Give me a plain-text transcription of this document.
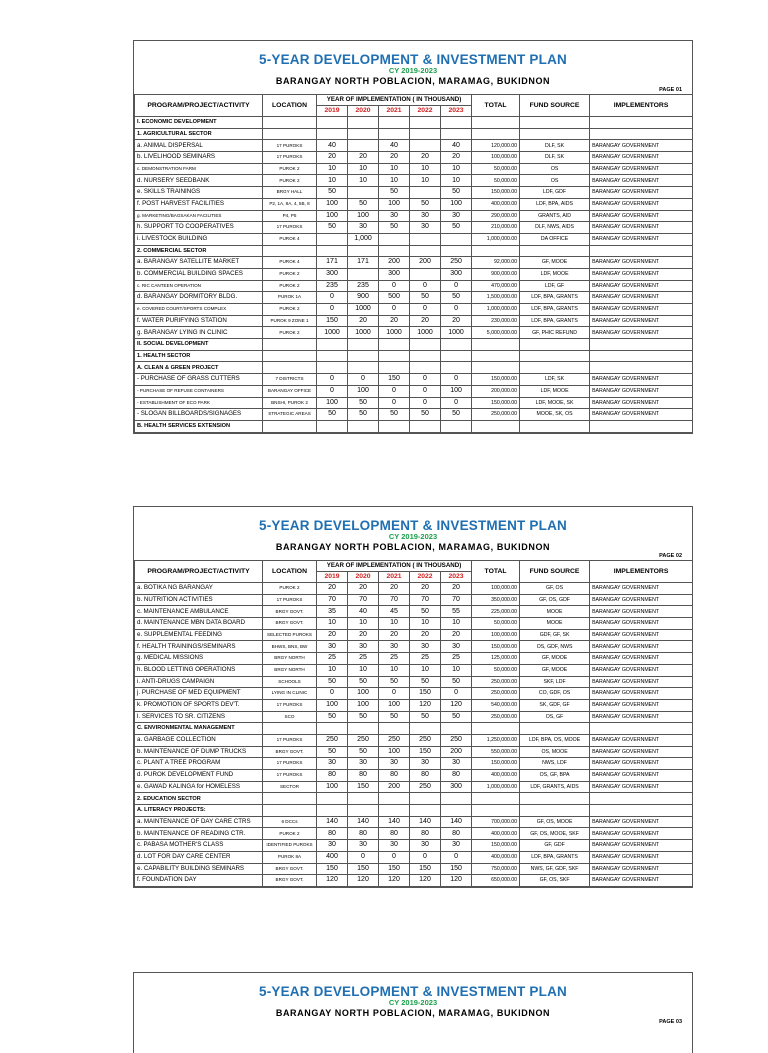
5-YEAR DEVELOPMENT & INVESTMENT PLAN
CY 2019-2023
BARANGAY NORTH POBLACION, MARAMAG, BUKIDNON
PAGE 01
PROGRAM/PROJECT/ACTIVITY	LOCATION	YEAR OF IMPLEMENTATION ( IN THOUSAND)					TOTAL	FUND SOURCE	IMPLEMENTORS
		2019	2020	2021	2022	2023			
I. ECONOMIC DEVELOPMENT									
1. AGRICULTURAL SECTOR									
a. ANIMAL DISPERSAL	17 PUROKS	40		40		40	120,000.00	DLF, SK	BARANGAY GOVERNMENT
b. LIVELIHOOD SEMINARS	17 PUROKS	20	20	20	20	20	100,000.00	DLF, SK	BARANGAY GOVERNMENT
c. DEMONSTRATION FARM	PUROK 2	10	10	10	10	10	50,000.00	OS	BARANGAY GOVERNMENT
d. NURSERY SEEDBANK	PUROK 2	10	10	10	10	10	50,000.00	OS	BARANGAY GOVERNMENT
e. SKILLS TRAININGS	BRGY HALL	50		50		50	150,000.00	LDF, GDF	BARANGAY GOVERNMENT
f. POST HARVEST FACILITIES	P2, 1A, 8A, 4, 5B, 8	100	50	100	50	100	400,000.00	LDF, BPA, AIDS	BARANGAY GOVERNMENT
g. MARKETING/BAGSAKAN FACILITIES	P4, P5	100	100	30	30	30	290,000.00	GRANTS, AID	BARANGAY GOVERNMENT
h. SUPPORT TO COOPERATIVES	17 PUROKS	50	30	50	30	50	210,000.00	DLF, NWS, AIDS	BARANGAY GOVERNMENT
i. LIVESTOCK BUILDING	PUROK 4		1,000				1,000,000.00	DA OFFICE	BARANGAY GOVERNMENT
2. COMMERCIAL SECTOR									
a. BARANGAY SATELLITE MARKET	PUROK 4	171	171	200	200	250	92,000.00	GF, MOOE	BARANGAY GOVERNMENT
b. COMMERCIAL BUILDING SPACES	PUROK 2	300		300		300	900,000.00	LDF, MOOE	BARANGAY GOVERNMENT
c. RIC CANTEEN OPERATION	PUROK 2	235	235	0	0	0	470,000.00	LDF, GF	BARANGAY GOVERNMENT
d. BARANGAY DORMITORY BLDG.	PUROK 1A	0	900	500	50	50	1,500,000.00	LDF, BPA, GRANTS	BARANGAY GOVERNMENT
e. COVERED COURT/SPORTS COMPLEX	PUROK 2	0	1000	0	0	0	1,000,000.00	LDF, BPA, GRANTS	BARANGAY GOVERNMENT
f. WATER PURIFYING STATION	PUROK 9 ZONE 1	150	20	20	20	20	230,000.00	LDF, BPA, GRANTS	BARANGAY GOVERNMENT
g. BARANGAY LYING IN CLINIC	PUROK 2	1000	1000	1000	1000	1000	5,000,000.00	GF, PHIC REFUND	BARANGAY GOVERNMENT
II. SOCIAL DEVELOPMENT									
1. HEALTH SECTOR									
A. CLEAN & GREEN PROJECT									
- PURCHASE OF GRASS CUTTERS	7 DISTRICTS	0	0	150	0	0	150,000.00	LDF, SK	BARANGAY GOVERNMENT
- PURCHASE OF REFUSE CONTAINERS	BARANGAY OFFICE	0	100	0	0	100	200,000.00	LDF, MOOE	BARANGAY GOVERNMENT
- ESTABLISHMENT OF ECO PARK	BNSHI, PUROK 2	100	50	0	0	0	150,000.00	LDF, MOOE, SK	BARANGAY GOVERNMENT
- SLOGAN BILLBOARDS/SIGNAGES	STRATEGIC AREAS	50	50	50	50	50	250,000.00	MOOE, SK, OS	BARANGAY GOVERNMENT
B. HEALTH SERVICES EXTENSION									
5-YEAR DEVELOPMENT & INVESTMENT PLAN
CY 2019-2023
BARANGAY NORTH POBLACION, MARAMAG, BUKIDNON
PAGE 02
PROGRAM/PROJECT/ACTIVITY	LOCATION	YEAR OF IMPLEMENTATION ( IN THOUSAND)					TOTAL	FUND SOURCE	IMPLEMENTORS
		2019	2020	2021	2022	2023			
a. BOTIKA NG BARANGAY	PUROK 2	20	20	20	20	20	100,000.00	GF, OS	BARANGAY GOVERNMENT
b. NUTRITION ACTIVITIES	17 PUROKS	70	70	70	70	70	350,000.00	GF, OS, GDF	BARANGAY GOVERNMENT
c. MAINTENANCE AMBULANCE	BRGY GOVT.	35	40	45	50	55	225,000.00	MOOE	BARANGAY GOVERNMENT
d. MAINTENANCE MBN DATA BOARD	BRGY GOVT.	10	10	10	10	10	50,000.00	MOOE	BARANGAY GOVERNMENT
e. SUPPLEMENTAL FEEDING	SELECTED PUROKS	20	20	20	20	20	100,000.00	GDF, GF, SK	BARANGAY GOVERNMENT
f. HEALTH TRAININGS/SEMINARS	BHWS, BNS, BW	30	30	30	30	30	150,000.00	OS, GDF, NWS	BARANGAY GOVERNMENT
g. MEDICAL MISSIONS	BRGY NORTH	25	25	25	25	25	125,000.00	GF, MOOE	BARANGAY GOVERNMENT
h. BLOOD LETTING OPERATIONS	BRGY NORTH	10	10	10	10	10	50,000.00	GF, MOOE	BARANGAY GOVERNMENT
i. ANTI-DRUGS CAMPAIGN	SCHOOLS	50	50	50	50	50	250,000.00	SKF, LDF	BARANGAY GOVERNMENT
j. PURCHASE OF MED EQUIPMENT	LYING IN CLINIC	0	100	0	150	0	250,000.00	CO, GDF, OS	BARANGAY GOVERNMENT
k. PROMOTION OF SPORTS DEV'T.	17 PUROKS	100	100	100	120	120	540,000.00	SK, GDF, GF	BARANGAY GOVERNMENT
l. SERVICES TO SR. CITIZENS	SCO	50	50	50	50	50	250,000.00	OS, GF	BARANGAY GOVERNMENT
C. ENVIRONMENTAL MANAGEMENT									
a. GARBAGE COLLECTION	17 PUROKS	250	250	250	250	250	1,250,000.00	LDF, BPA, OS, MOOE	BARANGAY GOVERNMENT
b. MAINTENANCE OF DUMP TRUCKS	BRGY GOVT.	50	50	100	150	200	550,000.00	OS, MOOE	BARANGAY GOVERNMENT
c. PLANT A TREE PROGRAM	17 PUROKS	30	30	30	30	30	150,000.00	NWS, LDF	BARANGAY GOVERNMENT
d. PUROK DEVELOPMENT FUND	17 PUROKS	80	80	80	80	80	400,000.00	OS, GF, BPA	BARANGAY GOVERNMENT
e. GAWAD KALINGA for HOMELESS	SECTOR	100	150	200	250	300	1,000,000.00	LDF, GRANTS, AIDS	BARANGAY GOVERNMENT
2. EDUCATION SECTOR									
A. LITERACY PROJECTS:									
a. MAINTENANCE OF DAY CARE CTRS	6 DCCs	140	140	140	140	140	700,000.00	GF, OS, MOOE	BARANGAY GOVERNMENT
b. MAINTENANCE OF READING CTR.	PUROK 2	80	80	80	80	80	400,000.00	GF, OS, MOOE, SKF	BARANGAY GOVERNMENT
c. PABASA MOTHER'S CLASS	IDENTIFIED PUROKS	30	30	30	30	30	150,000.00	GF, GDF	BARANGAY GOVERNMENT
d. LOT FOR DAY CARE CENTER	PUROK 8A	400	0	0	0	0	400,000.00	LDF, BPA, GRANTS	BARANGAY GOVERNMENT
e. CAPABILITY BUILDING SEMINARS	BRGY GOVT.	150	150	150	150	150	750,000.00	NWS, GF, GDF, SKF	BARANGAY GOVERNMENT
f. FOUNDATION DAY	BRGY GOVT.	120	120	120	120	120	650,000.00	GF, OS, SKF	BARANGAY GOVERNMENT
5-YEAR DEVELOPMENT & INVESTMENT PLAN
CY 2019-2023
BARANGAY NORTH POBLACION, MARAMAG, BUKIDNON
PAGE 03
